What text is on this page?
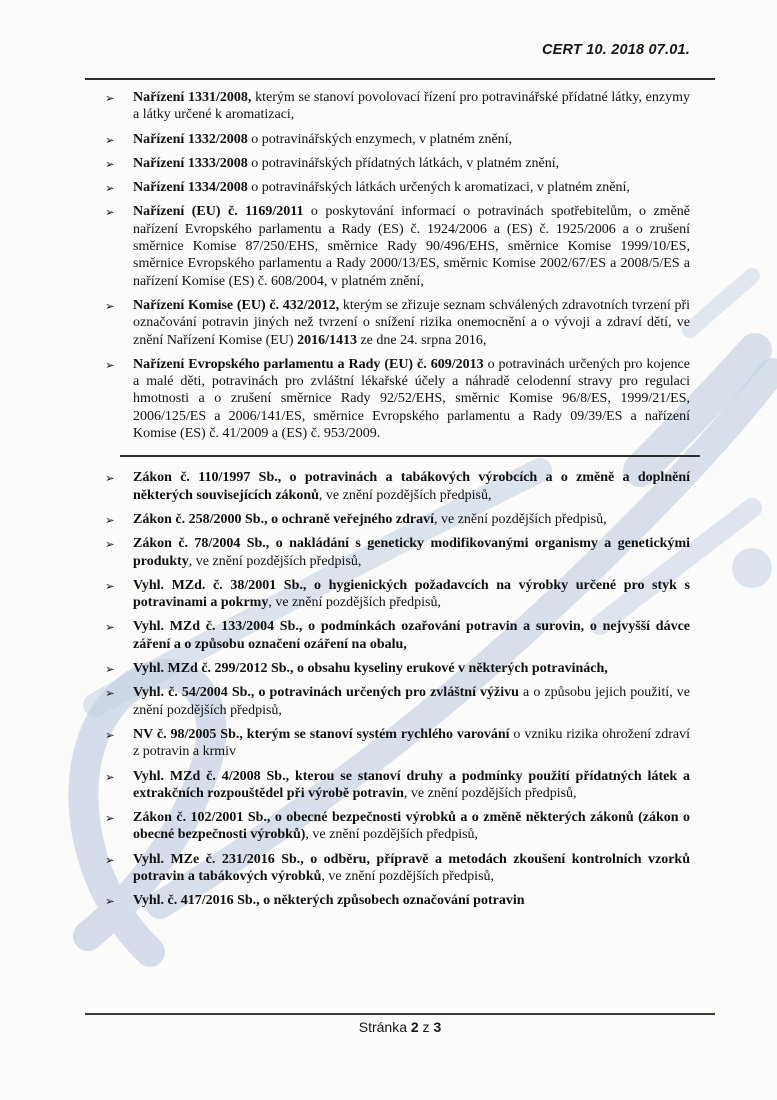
CERT 10. 2018 07.01.
➢ Nařízení 1331/2008, kterým se stanoví povolovací řízení pro potravinářské přídatné látky, enzymy a látky určené k aromatizaci,
➢ Nařízení 1332/2008 o potravinářských enzymech, v platném znění,
➢ Nařízení 1333/2008 o potravinářských přídatných látkách, v platném znění,
➢ Nařízení 1334/2008 o potravinářských látkách určených k aromatizaci, v platném znění,
➢ Nařízení (EU) č. 1169/2011 o poskytování informací o potravinách spotřebitelům, o změně nařízení Evropského parlamentu a Rady (ES) č. 1924/2006 a (ES) č. 1925/2006 a o zrušení směrnice Komise 87/250/EHS, směrnice Rady 90/496/EHS, směrnice Komise 1999/10/ES, směrnice Evropského parlamentu a Rady 2000/13/ES, směrnic Komise 2002/67/ES a 2008/5/ES a nařízení Komise (ES) č. 608/2004, v platném znění,
➢ Nařízení Komise (EU) č. 432/2012, kterým se zřizuje seznam schválených zdravotních tvrzení při označování potravin jiných než tvrzení o snížení rizika onemocnění a o vývoji a zdraví dětí, ve znění Nařízení Komise (EU) 2016/1413 ze dne 24. srpna 2016,
➢ Nařízení Evropského parlamentu a Rady (EU) č. 609/2013 o potravinách určených pro kojence a malé děti, potravinách pro zvláštní lékařské účely a náhradě celodenní stravy pro regulaci hmotnosti a o zrušení směrnice Rady 92/52/EHS, směrnic Komise 96/8/ES, 1999/21/ES, 2006/125/ES a 2006/141/ES, směrnice Evropského parlamentu a Rady 09/39/ES a nařízení Komise (ES) č. 41/2009 a (ES) č. 953/2009.
➢ Zákon č. 110/1997 Sb., o potravinách a tabákových výrobcích a o změně a doplnění některých souvisejících zákonů, ve znění pozdějších předpisů,
➢ Zákon č. 258/2000 Sb., o ochraně veřejného zdraví, ve znění pozdějších předpisů,
➢ Zákon č. 78/2004 Sb., o nakládání s geneticky modifikovanými organismy a genetickými produkty, ve znění pozdějších předpisů,
➢ Vyhl. MZd. č. 38/2001 Sb., o hygienických požadavcích na výrobky určené pro styk s potravinami a pokrmy, ve znění pozdějších předpisů,
➢ Vyhl. MZd č. 133/2004 Sb., o podmínkách ozařování potravin a surovin, o nejvyšší dávce záření a o způsobu označení ozáření na obalu,
➢ Vyhl. MZd č. 299/2012 Sb., o obsahu kyseliny erukové v některých potravinách,
➢ Vyhl. č. 54/2004 Sb., o potravinách určených pro zvláštní výživu a o způsobu jejich použití, ve znění pozdějších předpisů,
➢ NV č. 98/2005 Sb., kterým se stanoví systém rychlého varování o vzniku rizika ohrožení zdraví z potravin a krmiv
➢ Vyhl. MZd č. 4/2008 Sb., kterou se stanoví druhy a podmínky použití přídatných látek a extrakčních rozpouštědel při výrobě potravin, ve znění pozdějších předpisů,
➢ Zákon č. 102/2001 Sb., o obecné bezpečnosti výrobků a o změně některých zákonů (zákon o obecné bezpečnosti výrobků), ve znění pozdějších předpisů,
➢ Vyhl. MZe č. 231/2016 Sb., o odběru, přípravě a metodách zkoušení kontrolních vzorků potravin a tabákových výrobků, ve znění pozdějších předpisů,
➢ Vyhl. č. 417/2016 Sb., o některých způsobech označování potravin
Stránka 2 z 3
